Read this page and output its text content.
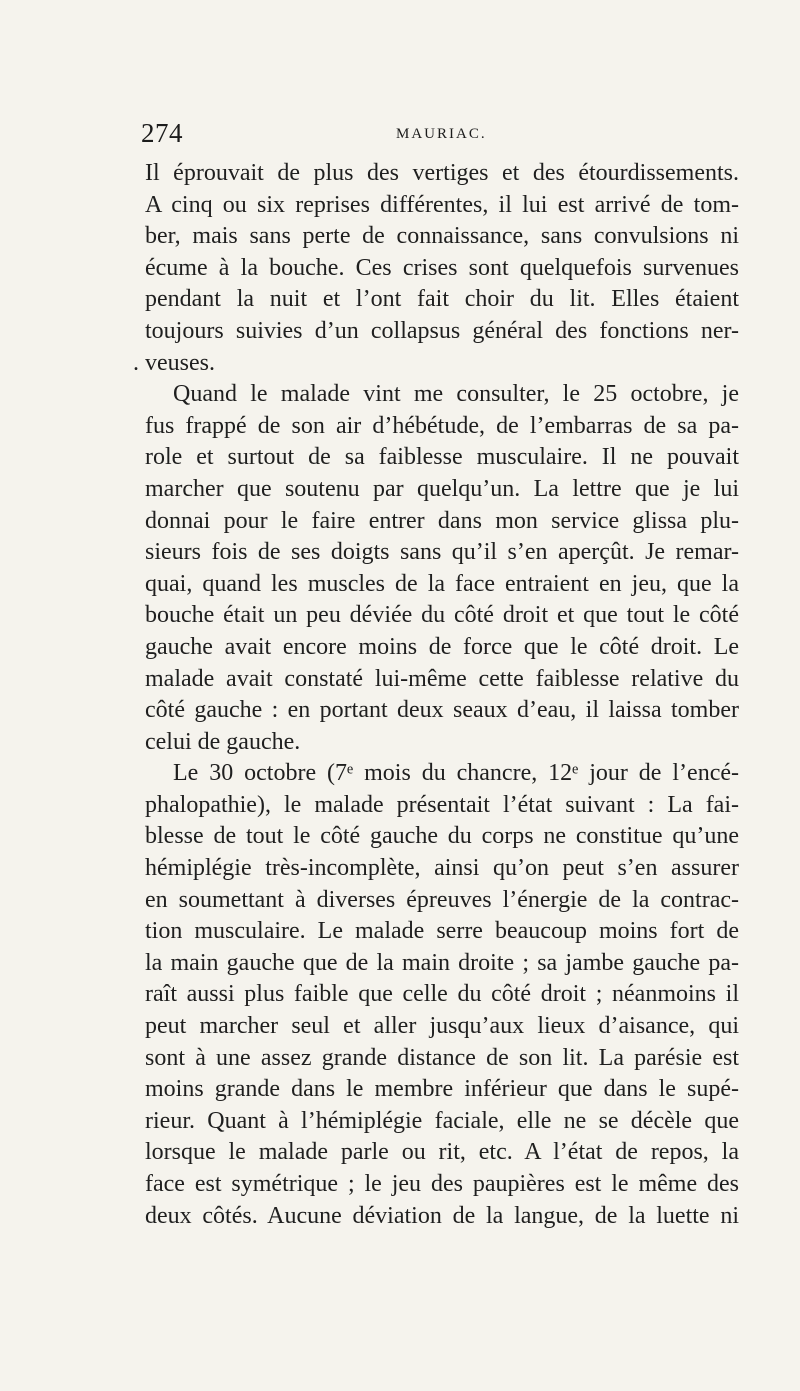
274	MAURIAC.
Il éprouvait de plus des vertiges et des étourdissements.
A cinq ou six reprises différentes, il lui est arrivé de tom-
ber, mais sans perte de connaissance, sans convulsions ni
écume à la bouche. Ces crises sont quelquefois survenues
pendant la nuit et l’ont fait choir du lit. Elles étaient
toujours suivies d’un collapsus général des fonctions ner-
. veuses.
Quand le malade vint me consulter, le 25 octobre, je
fus frappé de son air d’hébétude, de l’embarras de sa pa-
role et surtout de sa faiblesse musculaire. Il ne pouvait
marcher que soutenu par quelqu’un. La lettre que je lui
donnai pour le faire entrer dans mon service glissa plu-
sieurs fois de ses doigts sans qu’il s’en aperçût. Je remar-
quai, quand les muscles de la face entraient en jeu, que la
bouche était un peu déviée du côté droit et que tout le côté
gauche avait encore moins de force que le côté droit. Le
malade avait constaté lui-même cette faiblesse relative du
côté gauche : en portant deux seaux d’eau, il laissa tomber
celui de gauche.
Le 30 octobre (7ᵉ mois du chancre, 12ᵉ jour de l’encé-
phalopathie), le malade présentait l’état suivant : La fai-
blesse de tout le côté gauche du corps ne constitue qu’une
hémiplégie très-incomplète, ainsi qu’on peut s’en assurer
en soumettant à diverses épreuves l’énergie de la contrac-
tion musculaire. Le malade serre beaucoup moins fort de
la main gauche que de la main droite ; sa jambe gauche pa-
raît aussi plus faible que celle du côté droit ; néanmoins il
peut marcher seul et aller jusqu’aux lieux d’aisance, qui
sont à une assez grande distance de son lit. La parésie est
moins grande dans le membre inférieur que dans le supé-
rieur. Quant à l’hémiplégie faciale, elle ne se décèle que
lorsque le malade parle ou rit, etc. A l’état de repos, la
face est symétrique ; le jeu des paupières est le même des
deux côtés. Aucune déviation de la langue, de la luette ni
